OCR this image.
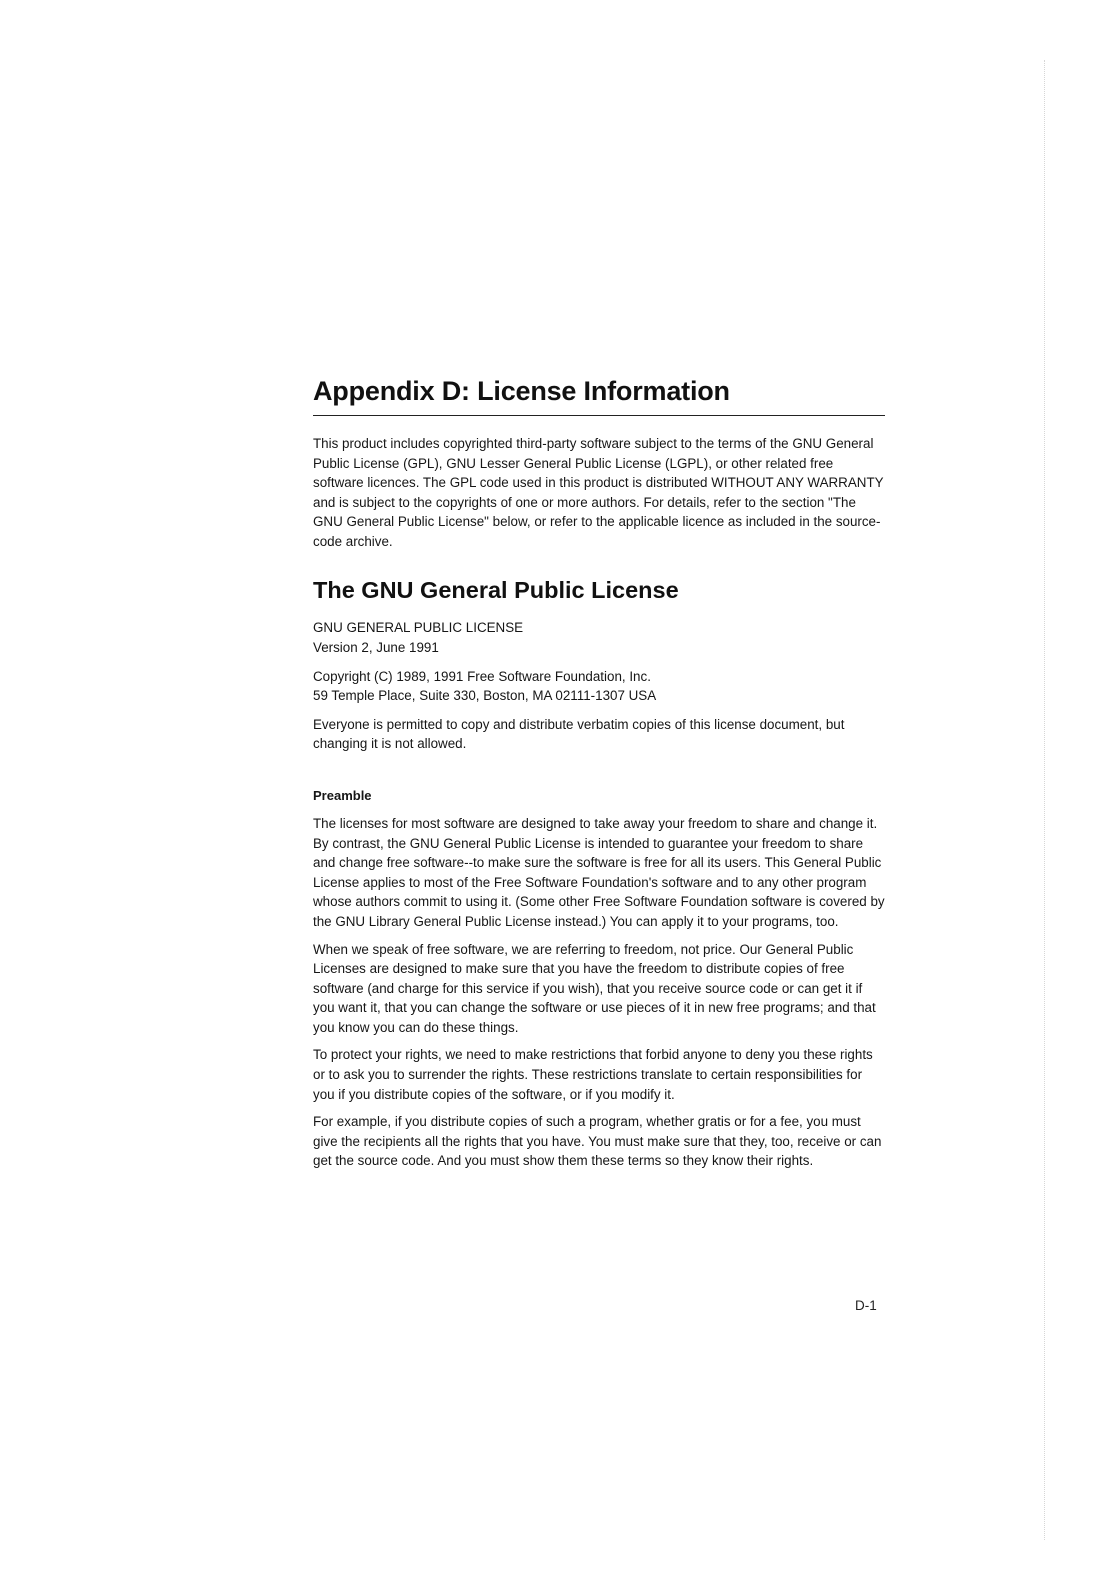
Appendix D: License Information

This product includes copyrighted third-party software subject to the terms of the GNU General Public License (GPL), GNU Lesser General Public License (LGPL), or other related free software licences. The GPL code used in this product is distributed WITHOUT ANY WARRANTY and is subject to the copyrights of one or more authors. For details, refer to the section "The GNU General Public License" below, or refer to the applicable licence as included in the source-code archive.

The GNU General Public License

GNU GENERAL PUBLIC LICENSE
Version 2, June 1991

Copyright (C) 1989, 1991 Free Software Foundation, Inc.
59 Temple Place, Suite 330, Boston, MA 02111-1307 USA

Everyone is permitted to copy and distribute verbatim copies of this license document, but changing it is not allowed.

Preamble

The licenses for most software are designed to take away your freedom to share and change it. By contrast, the GNU General Public License is intended to guarantee your freedom to share and change free software--to make sure the software is free for all its users. This General Public License applies to most of the Free Software Foundation's software and to any other program whose authors commit to using it. (Some other Free Software Foundation software is covered by the GNU Library General Public License instead.) You can apply it to your programs, too.

When we speak of free software, we are referring to freedom, not price. Our General Public Licenses are designed to make sure that you have the freedom to distribute copies of free software (and charge for this service if you wish), that you receive source code or can get it if you want it, that you can change the software or use pieces of it in new free programs; and that you know you can do these things.

To protect your rights, we need to make restrictions that forbid anyone to deny you these rights or to ask you to surrender the rights. These restrictions translate to certain responsibilities for you if you distribute copies of the software, or if you modify it.

For example, if you distribute copies of such a program, whether gratis or for a fee, you must give the recipients all the rights that you have. You must make sure that they, too, receive or can get the source code. And you must show them these terms so they know their rights.

D-1
